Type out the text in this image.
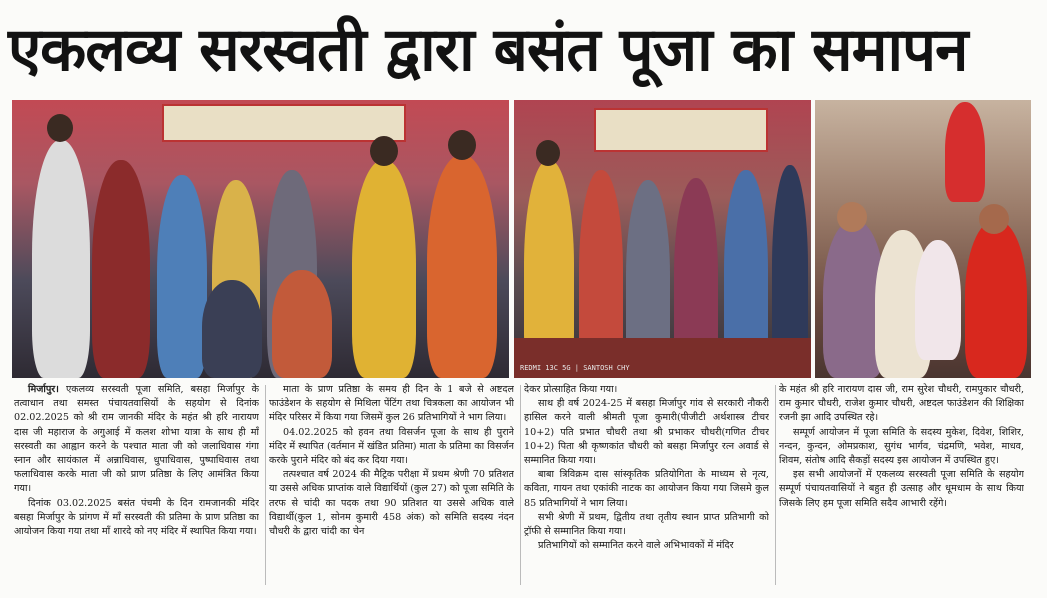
एकलव्य सरस्वती द्वारा बसंत पूजा का समापन
REDMI 13C 5G | SANTOSH CHY

मिर्जापुर। एकलव्य सरस्वती पूजा समिति, बसहा मिर्जापुर के तत्वाधान तथा समस्त पंचायतवासियों के सहयोग से दिनांक 02.02.2025 को श्री राम जानकी मंदिर के महंत श्री हरि नारायण दास जी महाराज के अगुआई में कलश शोभा यात्रा के साथ ही माँ सरस्वती का आह्वान करने के पश्चात माता जी को जलाधिवास गंगा स्नान और सायंकाल में अन्नाधिवास, धुपाधिवास, पुष्पाधिवास तथा फलाधिवास करके माता जी को प्राण प्रतिष्ठा के लिए आमंत्रित किया गया।

दिनांक 03.02.2025 बसंत पंचमी के दिन रामजानकी मंदिर बसहा मिर्जापुर के प्रांगण में माँ सरस्वती की प्रतिमा के प्राण प्रतिष्ठा का आयोजन किया गया तथा माँ शारदे को नए मंदिर में स्थापित किया गया।

माता के प्राण प्रतिष्ठा के समय ही दिन के 1 बजे से अष्टदल फाउंडेशन के सहयोग से मिथिला पेंटिंग तथा चित्रकला का आयोजन भी मंदिर परिसर में किया गया जिसमें कुल 26 प्रतिभागियों ने भाग लिया।

04.02.2025 को हवन तथा विसर्जन पूजा के साथ ही पुराने मंदिर में स्थापित (वर्तमान में खंडित प्रतिमा) माता के प्रतिमा का विसर्जन करके पुराने मंदिर को बंद कर दिया गया।

तत्पश्चात वर्ष 2024 की मैट्रिक परीक्षा में प्रथम श्रेणी 70 प्रतिशत या उससे अधिक प्राप्तांक वाले विद्यार्थियों (कुल 27) को पूजा समिति के तरफ से चांदी का पदक तथा 90 प्रतिशत या उससे अधिक वाले विद्यार्थी(कुल 1, सोनम कुमारी 458 अंक) को समिति सदस्य नंदन चौधरी के द्वारा चांदी का चेन

देकर प्रोत्साहित किया गया।

साथ ही वर्ष 2024-25 में बसहा मिर्जापुर गांव से सरकारी नौकरी हासिल करने वाली श्रीमती पूजा कुमारी(पीजीटी अर्थशास्त्र टीचर 10+2) पति प्रभात चौधरी तथा श्री प्रभाकर चौधरी(गणित टीचर 10+2) पिता श्री कृष्णकांत चौधरी को बसहा मिर्जापुर रत्न अवार्ड से सम्मानित किया गया।

बाबा त्रिविक्रम दास सांस्कृतिक प्रतियोगिता के माध्यम से नृत्य, कविता, गायन तथा एकांकी नाटक का आयोजन किया गया जिसमे कुल 85 प्रतिभागियों ने भाग लिया।

सभी श्रेणी में प्रथम, द्वितीय तथा तृतीय स्थान प्राप्त प्रतिभागी को ट्रॉफी से सम्मानित किया गया।

प्रतिभागियों को सम्मानित करने वाले अभिभावकों में मंदिर

के महंत श्री हरि नारायण दास जी, राम सुरेश चौधरी, रामपुकार चौधरी, राम कुमार चौधरी, राजेश कुमार चौधरी, अष्टदल फाउंडेशन की शिक्षिका रजनी झा आदि उपस्थित रहे।

सम्पूर्ण आयोजन में पूजा समिति के सदस्य मुकेश, दिवेश, शिशिर, नन्दन, कुन्दन, ओमप्रकाश, सुगंध भार्गव, चंद्रमणि, भवेश, माधव, शिवम, संतोष आदि सैकड़ों सदस्य इस आयोजन में उपस्थित हुए।

इस सभी आयोजनों में एकलव्य सरस्वती पूजा समिति के सहयोग सम्पूर्ण पंचायतवासियों ने बहुत ही उत्साह और धूमधाम के साथ किया जिसके लिए हम पूजा समिति सदैव आभारी रहेंगे।
